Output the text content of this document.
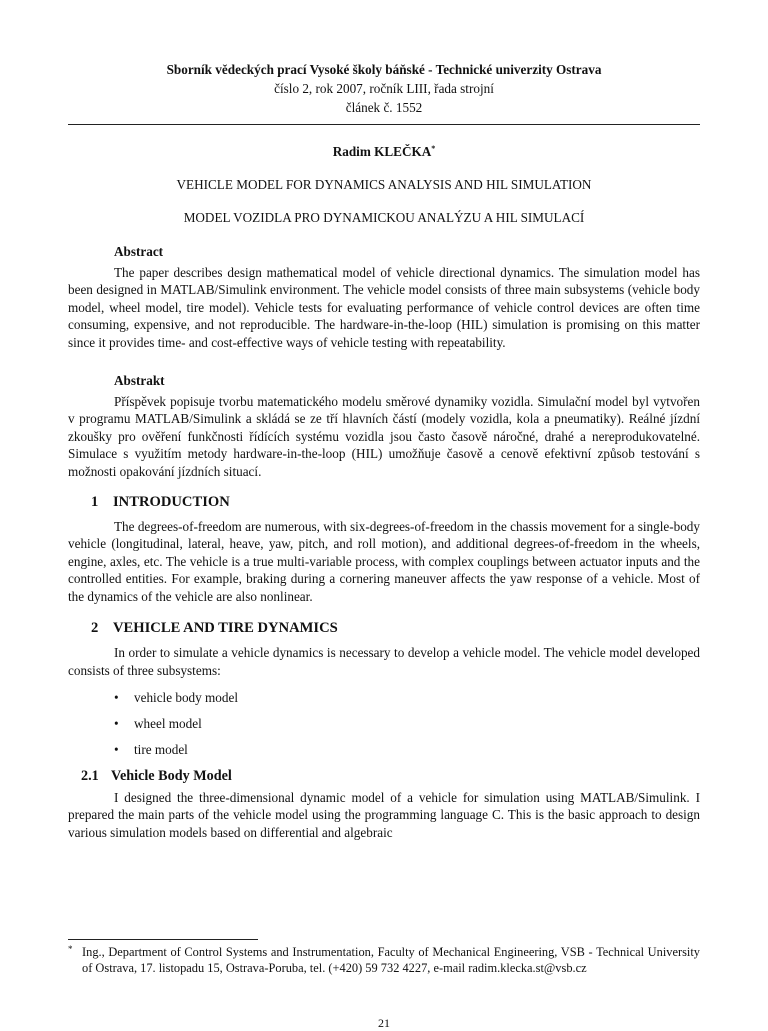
Sborník vědeckých prací Vysoké školy báňské - Technické univerzity Ostrava
číslo 2, rok 2007, ročník LIII, řada strojní
článek č. 1552
Radim KLEČKA*
VEHICLE MODEL FOR DYNAMICS ANALYSIS AND HIL SIMULATION
MODEL VOZIDLA PRO DYNAMICKOU ANALÝZU A HIL SIMULACÍ
Abstract

The paper describes design mathematical model of vehicle directional dynamics. The simulation model has been designed in MATLAB/Simulink environment. The vehicle model consists of three main subsystems (vehicle body model, wheel model, tire model). Vehicle tests for evaluating performance of vehicle control devices are often time consuming, expensive, and not reproducible. The hardware-in-the-loop (HIL) simulation is promising on this matter since it provides time- and cost-effective ways of vehicle testing with repeatability.

Abstrakt

Příspěvek popisuje tvorbu matematického modelu směrové dynamiky vozidla. Simulační model byl vytvořen v programu MATLAB/Simulink a skládá se ze tří hlavních částí (modely vozidla, kola a pneumatiky). Reálné jízdní zkoušky pro ověření funkčnosti řídících systému vozidla jsou často časově náročné, drahé a nereprodukovatelné. Simulace s využitím metody hardware-in-the-loop (HIL) umožňuje časově a cenově efektivní způsob testování s možnosti opakování jízdních situací.

1 INTRODUCTION

The degrees-of-freedom are numerous, with six-degrees-of-freedom in the chassis movement for a single-body vehicle (longitudinal, lateral, heave, yaw, pitch, and roll motion), and additional degrees-of-freedom in the wheels, engine, axles, etc. The vehicle is a true multi-variable process, with complex couplings between actuator inputs and the controlled entities. For example, braking during a cornering maneuver affects the yaw response of a vehicle. Most of the dynamics of the vehicle are also nonlinear.

2 VEHICLE AND TIRE DYNAMICS

In order to simulate a vehicle dynamics is necessary to develop a vehicle model. The vehicle model developed consists of three subsystems:

• vehicle body model
• wheel model
• tire model
2.1 Vehicle Body Model

I designed the three-dimensional dynamic model of a vehicle for simulation using MATLAB/Simulink. I prepared the main parts of the vehicle model using the programming language C. This is the basic approach to design various simulation models based on differential and algebraic

* Ing., Department of Control Systems and Instrumentation, Faculty of Mechanical Engineering, VSB - Technical University of Ostrava, 17. listopadu 15, Ostrava-Poruba, tel. (+420) 59 732 4227, e-mail radim.klecka.st@vsb.cz
21
